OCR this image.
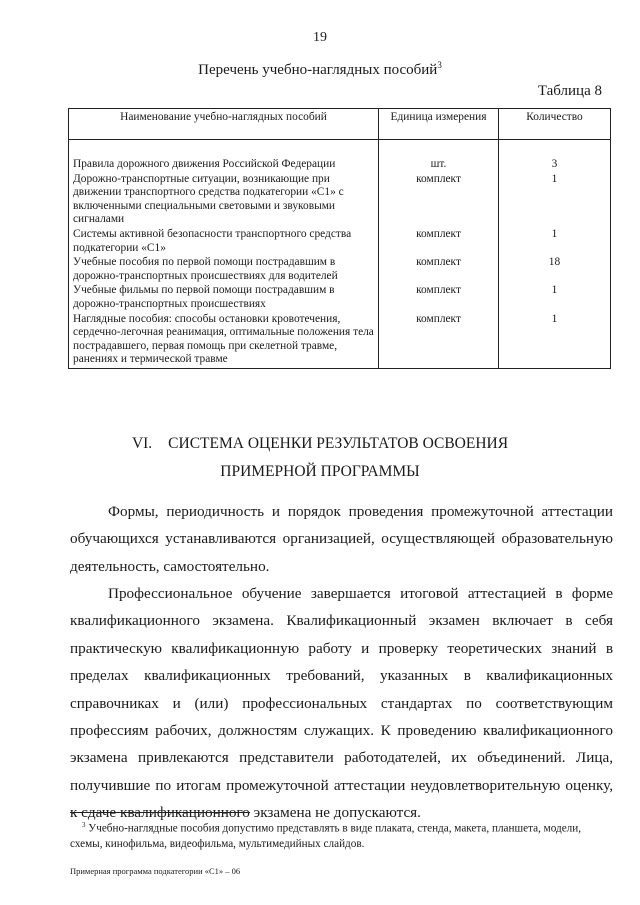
19
Перечень учебно-наглядных пособий$^3$
Таблица 8
Наименование учебно-наглядных пособий	Единица измерения	Количество
Правила дорожного движения Российской Федерации	шт.	3
Дорожно-транспортные ситуации, возникающие при движении транспортного средства подкатегории «C1» с включенными специальными световыми и звуковыми сигналами	комплект	1
Системы активной безопасности транспортного средства подкатегории «C1»	комплект	1
Учебные пособия по первой помощи пострадавшим в дорожно-транспортных происшествиях для водителей	комплект	18
Учебные фильмы по первой помощи пострадавшим в дорожно-транспортных происшествиях	комплект	1
Наглядные пособия: способы остановки кровотечения, сердечно-легочная реанимация, оптимальные положения тела пострадавшего, первая помощь при скелетной травме, ранениях и термической травме	комплект	1
VI. СИСТЕМА ОЦЕНКИ РЕЗУЛЬТАТОВ ОСВОЕНИЯ
ПРИМЕРНОЙ ПРОГРАММЫ
Формы, периодичность и порядок проведения промежуточной аттестации обучающихся устанавливаются организацией, осуществляющей образовательную деятельность, самостоятельно.
Профессиональное обучение завершается итоговой аттестацией в форме квалификационного экзамена. Квалификационный экзамен включает в себя практическую квалификационную работу и проверку теоретических знаний в пределах квалификационных требований, указанных в квалификационных справочниках и (или) профессиональных стандартах по соответствующим профессиям рабочих, должностям служащих. К проведению квалификационного экзамена привлекаются представители работодателей, их объединений. Лица, получившие по итогам промежуточной аттестации неудовлетворительную оценку, к сдаче квалификационного экзамена не допускаются.
$^3$ Учебно-наглядные пособия допустимо представлять в виде плаката, стенда, макета, планшета, модели, схемы, кинофильма, видеофильма, мультимедийных слайдов.
Примерная программа подкатегории «C1» – 06
